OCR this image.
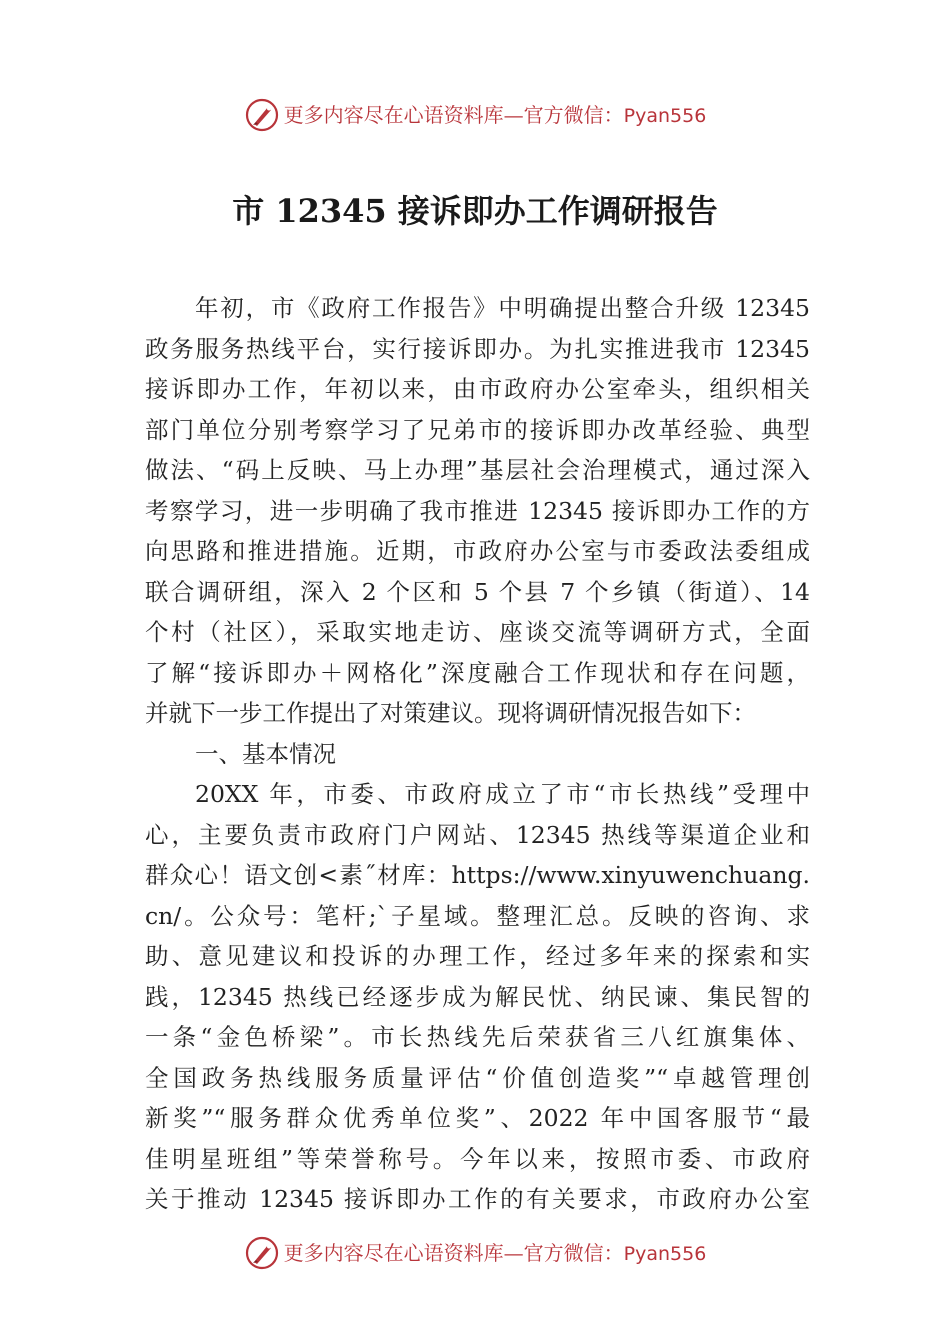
更多内容尽在心语资料库—官方微信：Pyan556
市 12345 接诉即办工作调研报告
年初，市《政府工作报告》中明确提出整合升级 12345
政务服务热线平台，实行接诉即办。为扎实推进我市 12345
接诉即办工作，年初以来，由市政府办公室牵头，组织相关
部门单位分别考察学习了兄弟市的接诉即办改革经验、典型
做法、“码上反映、马上办理”基层社会治理模式，通过深入
考察学习，进一步明确了我市推进 12345 接诉即办工作的方
向思路和推进措施。近期，市政府办公室与市委政法委组成
联合调研组，深入 2 个区和 5 个县 7 个乡镇（街道）、14
个村（社区），采取实地走访、座谈交流等调研方式，全面
了解“接诉即办＋网格化”深度融合工作现状和存在问题，
并就下一步工作提出了对策建议。现将调研情况报告如下：
一、基本情况
20XX 年，市委、市政府成立了市“市长热线”受理中
心，主要负责市政府门户网站、12345 热线等渠道企业和
群众心！语文创<素˝材库：https://www.xinyuwenchuang.
cn/。公众号：笔杆;`子星域。整理汇总。反映的咨询、求
助、意见建议和投诉的办理工作，经过多年来的探索和实
践，12345 热线已经逐步成为解民忧、纳民谏、集民智的
一条“金色桥梁”。市长热线先后荣获省三八红旗集体、
全国政务热线服务质量评估“价值创造奖”“卓越管理创
新奖”“服务群众优秀单位奖”、2022 年中国客服节“最
佳明星班组”等荣誉称号。今年以来，按照市委、市政府
关于推动 12345 接诉即办工作的有关要求，市政府办公室
更多内容尽在心语资料库—官方微信：Pyan556
